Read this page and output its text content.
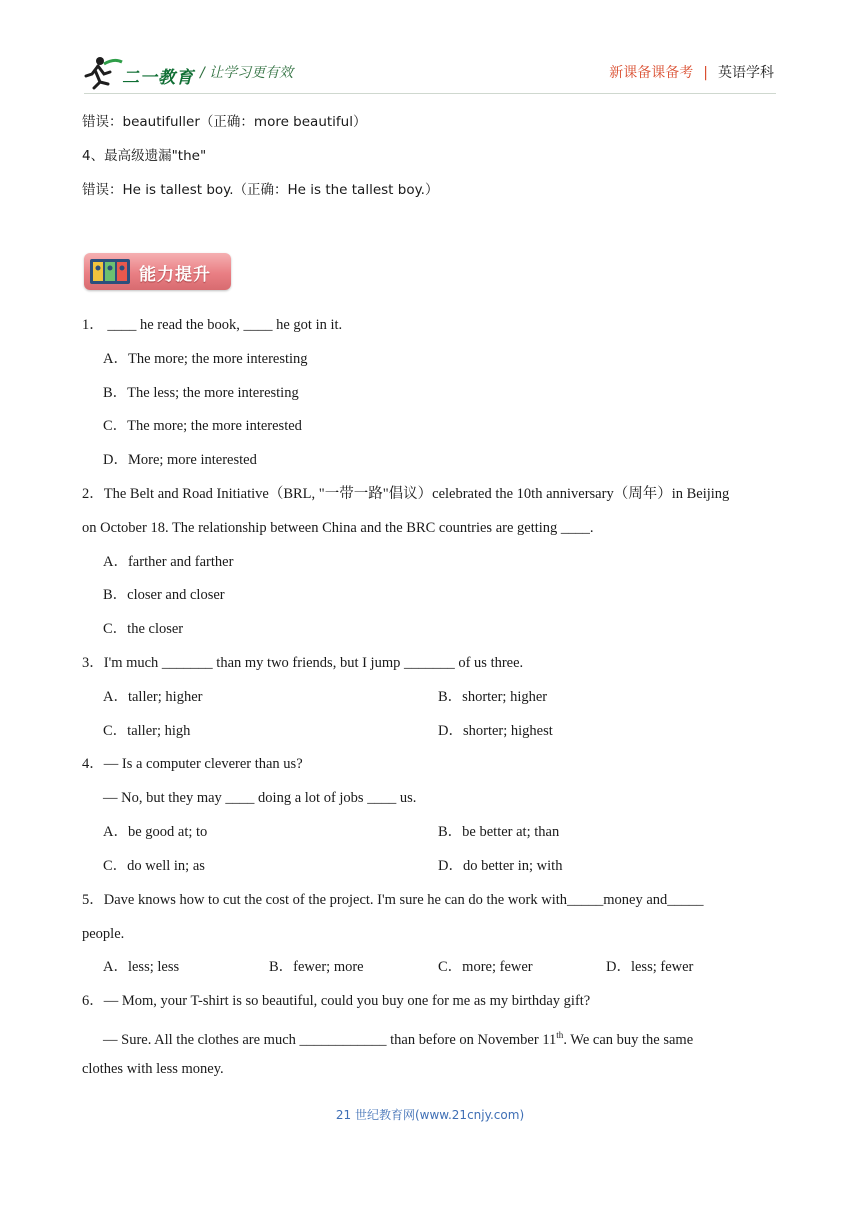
二一教育 / 让学习更有效	新课备课备考 | 英语学科
错误：beautifuller（正确：more beautiful）
4、最高级遗漏"the"
错误：He is tallest boy.（正确：He is the tallest boy.）
能力提升
1． ____ he read the book, ____ he got in it.
A．The more; the more interesting
B．The less; the more interesting
C．The more; the more interested
D．More; more interested
2．The Belt and Road Initiative（BRL, "一带一路"倡议）celebrated the 10th anniversary（周年）in Beijing
on October 18. The relationship between China and the BRC countries are getting ____.
A．farther and farther
B．closer and closer
C．the closer
3．I'm much _______ than my two friends, but I jump _______ of us three.
A．taller; higher	B．shorter; higher
C．taller; high	D．shorter; highest
4．— Is a computer cleverer than us?
— No, but they may ____ doing a lot of jobs ____ us.
A．be good at; to	B．be better at; than
C．do well in; as	D．do better in; with
5．Dave knows how to cut the cost of the project. I'm sure he can do the work with_____money and_____
people.
A．less; less	B．fewer; more	C．more; fewer	D．less; fewer
6．— Mom, your T-shirt is so beautiful, could you buy one for me as my birthday gift?
— Sure. All the clothes are much ____________ than before on November 11th. We can buy the same
clothes with less money.
21 世纪教育网(www.21cnjy.com)
